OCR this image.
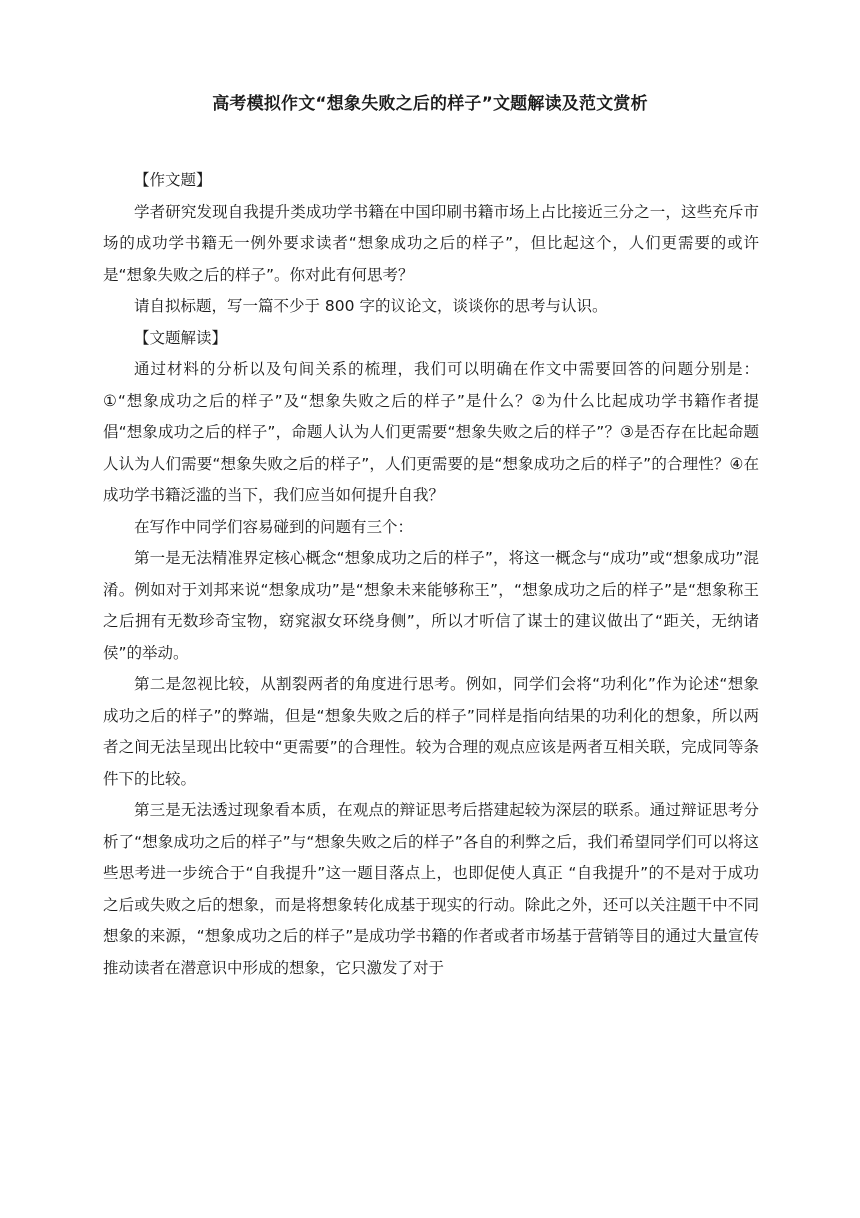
高考模拟作文“想象失败之后的样子”文题解读及范文赏析

【作文题】

学者研究发现自我提升类成功学书籍在中国印刷书籍市场上占比接近三分之一，这些充斥市场的成功学书籍无一例外要求读者“想象成功之后的样子”，但比起这个，人们更需要的或许是“想象失败之后的样子”。你对此有何思考？

请自拟标题，写一篇不少于 800 字的议论文，谈谈你的思考与认识。

【文题解读】

通过材料的分析以及句间关系的梳理，我们可以明确在作文中需要回答的问题分别是：①“想象成功之后的样子”及“想象失败之后的样子”是什么？②为什么比起成功学书籍作者提倡“想象成功之后的样子”，命题人认为人们更需要“想象失败之后的样子”？③是否存在比起命题人认为人们需要“想象失败之后的样子”，人们更需要的是“想象成功之后的样子”的合理性？④在成功学书籍泛滥的当下，我们应当如何提升自我？

在写作中同学们容易碰到的问题有三个：

第一是无法精准界定核心概念“想象成功之后的样子”，将这一概念与“成功”或“想象成功”混淆。例如对于刘邦来说“想象成功”是“想象未来能够称王”，“想象成功之后的样子”是“想象称王之后拥有无数珍奇宝物，窈窕淑女环绕身侧”，所以才听信了谋士的建议做出了“距关，无纳诸侯”的举动。

第二是忽视比较，从割裂两者的角度进行思考。例如，同学们会将“功利化”作为论述“想象成功之后的样子”的弊端，但是“想象失败之后的样子”同样是指向结果的功利化的想象，所以两者之间无法呈现出比较中“更需要”的合理性。较为合理的观点应该是两者互相关联，完成同等条件下的比较。

第三是无法透过现象看本质，在观点的辩证思考后搭建起较为深层的联系。通过辩证思考分析了“想象成功之后的样子”与“想象失败之后的样子”各自的利弊之后，我们希望同学们可以将这些思考进一步统合于“自我提升”这一题目落点上，也即促使人真正 “自我提升”的不是对于成功之后或失败之后的想象，而是将想象转化成基于现实的行动。除此之外，还可以关注题干中不同想象的来源，“想象成功之后的样子”是成功学书籍的作者或者市场基于营销等目的通过大量宣传推动读者在潜意识中形成的想象，它只激发了对于
